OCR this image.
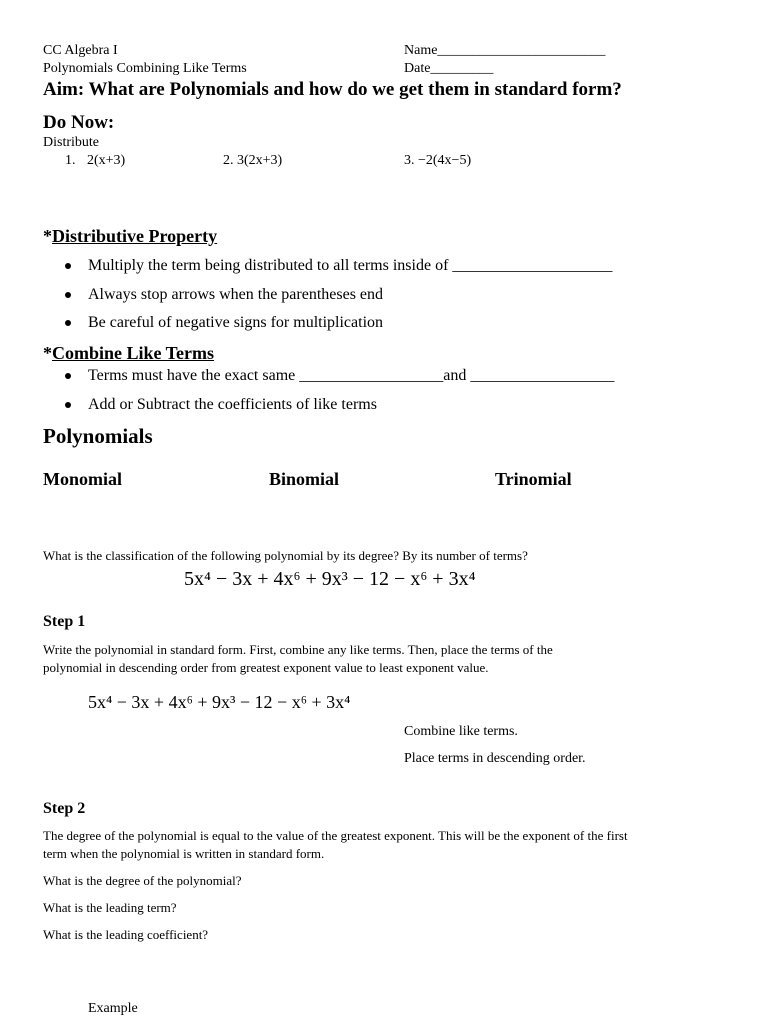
CC Algebra I
Polynomials Combining Like Terms
Name________________________
Date_________
Aim: What are Polynomials and how do we get them in standard form?
Do Now:
Distribute
1. 2(x+3)	2. 3(2x+3)	3. −2(4x−5)
*Distributive Property
Multiply the term being distributed to all terms inside of ____________________
Always stop arrows when the parentheses end
Be careful of negative signs for multiplication
*Combine Like Terms
Terms must have the exact same __________________and __________________
Add or Subtract the coefficients of like terms
Polynomials
Monomial	Binomial	Trinomial
What is the classification of the following polynomial by its degree? By its number of terms?
5x⁴ − 3x + 4x⁶ + 9x³ − 12 − x⁶ + 3x⁴
Step 1
Write the polynomial in standard form. First, combine any like terms. Then, place the terms of the polynomial in descending order from greatest exponent value to least exponent value.
5x⁴ − 3x + 4x⁶ + 9x³ − 12 − x⁶ + 3x⁴
Combine like terms.
Place terms in descending order.
Step 2
The degree of the polynomial is equal to the value of the greatest exponent. This will be the exponent of the first term when the polynomial is written in standard form.
What is the degree of the polynomial?
What is the leading term?
What is the leading coefficient?
Example
